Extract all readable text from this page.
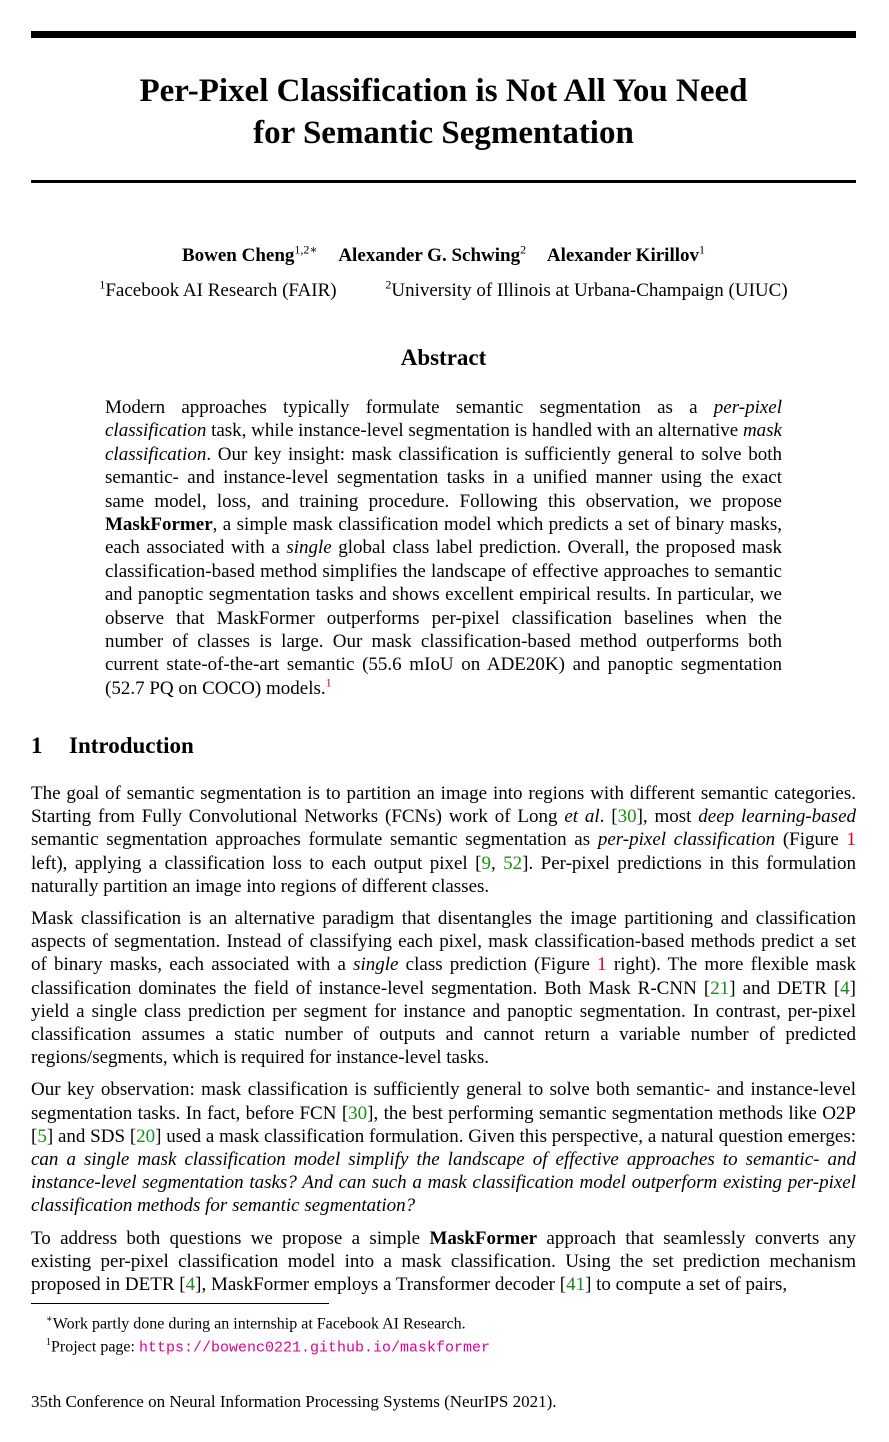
Per-Pixel Classification is Not All You Need
for Semantic Segmentation
Bowen Cheng$^{1,2∗}$ Alexander G. Schwing$^2$ Alexander Kirillov$^1$
$^1$Facebook AI Research (FAIR)	$^2$University of Illinois at Urbana-Champaign (UIUC)
Abstract

Modern approaches typically formulate semantic segmentation as a per-pixel classification task, while instance-level segmentation is handled with an alternative mask classification. Our key insight: mask classification is sufficiently general to solve both semantic- and instance-level segmentation tasks in a unified manner using the exact same model, loss, and training procedure. Following this observation, we propose MaskFormer, a simple mask classification model which predicts a set of binary masks, each associated with a single global class label prediction. Overall, the proposed mask classification-based method simplifies the landscape of effective approaches to semantic and panoptic segmentation tasks and shows excellent empirical results. In particular, we observe that MaskFormer outperforms per-pixel classification baselines when the number of classes is large. Our mask classification-based method outperforms both current state-of-the-art semantic (55.6 mIoU on ADE20K) and panoptic segmentation (52.7 PQ on COCO) models.$^1$

1 Introduction

The goal of semantic segmentation is to partition an image into regions with different semantic categories. Starting from Fully Convolutional Networks (FCNs) work of Long et al. [30], most deep learning-based semantic segmentation approaches formulate semantic segmentation as per-pixel classification (Figure 1 left), applying a classification loss to each output pixel [9, 52]. Per-pixel predictions in this formulation naturally partition an image into regions of different classes.

Mask classification is an alternative paradigm that disentangles the image partitioning and classification aspects of segmentation. Instead of classifying each pixel, mask classification-based methods predict a set of binary masks, each associated with a single class prediction (Figure 1 right). The more flexible mask classification dominates the field of instance-level segmentation. Both Mask R-CNN [21] and DETR [4] yield a single class prediction per segment for instance and panoptic segmentation. In contrast, per-pixel classification assumes a static number of outputs and cannot return a variable number of predicted regions/segments, which is required for instance-level tasks.

Our key observation: mask classification is sufficiently general to solve both semantic- and instance-level segmentation tasks. In fact, before FCN [30], the best performing semantic segmentation methods like O2P [5] and SDS [20] used a mask classification formulation. Given this perspective, a natural question emerges: can a single mask classification model simplify the landscape of effective approaches to semantic- and instance-level segmentation tasks? And can such a mask classification model outperform existing per-pixel classification methods for semantic segmentation?

To address both questions we propose a simple MaskFormer approach that seamlessly converts any existing per-pixel classification model into a mask classification. Using the set prediction mechanism proposed in DETR [4], MaskFormer employs a Transformer decoder [41] to compute a set of pairs,

∗Work partly done during an internship at Facebook AI Research.
$^1$Project page: https://bowenc0221.github.io/maskformer
35th Conference on Neural Information Processing Systems (NeurIPS 2021).
